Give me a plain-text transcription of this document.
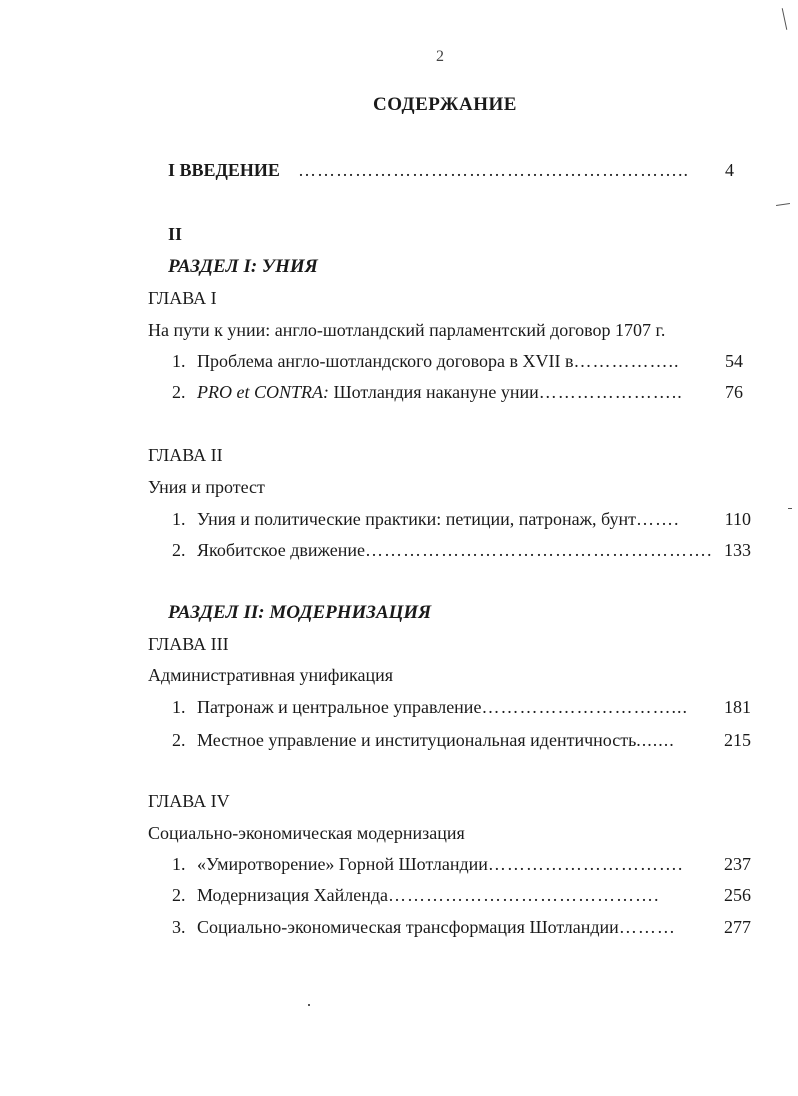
2
СОДЕРЖАНИЕ
I ВВЕДЕНИЕ ……………………………………………………..	4
II
РАЗДЕЛ I: УНИЯ
ГЛАВА I
На пути к унии: англо-шотландский парламентский договор 1707 г.
1. Проблема англо-шотландского договора в XVII в……………..	54
2. PRO et CONTRA: Шотландия накануне унии…………………..	76
ГЛАВА II
Уния и протест
1. Уния и политические практики: петиции, патронаж, бунт…….	110
2. Якобитское движение………………………………………………. 133
РАЗДЕЛ II: МОДЕРНИЗАЦИЯ
ГЛАВА III
Административная унификация
1. Патронаж и центральное управление…………………………...	181
2. Местное управление и институциональная идентичность.......	215
ГЛАВА IV
Социально-экономическая модернизация
1. «Умиротворение» Горной Шотландии………………………….	237
2. Модернизация Хайленда…………………………………….	256
3. Социально-экономическая трансформация Шотландии………	277
